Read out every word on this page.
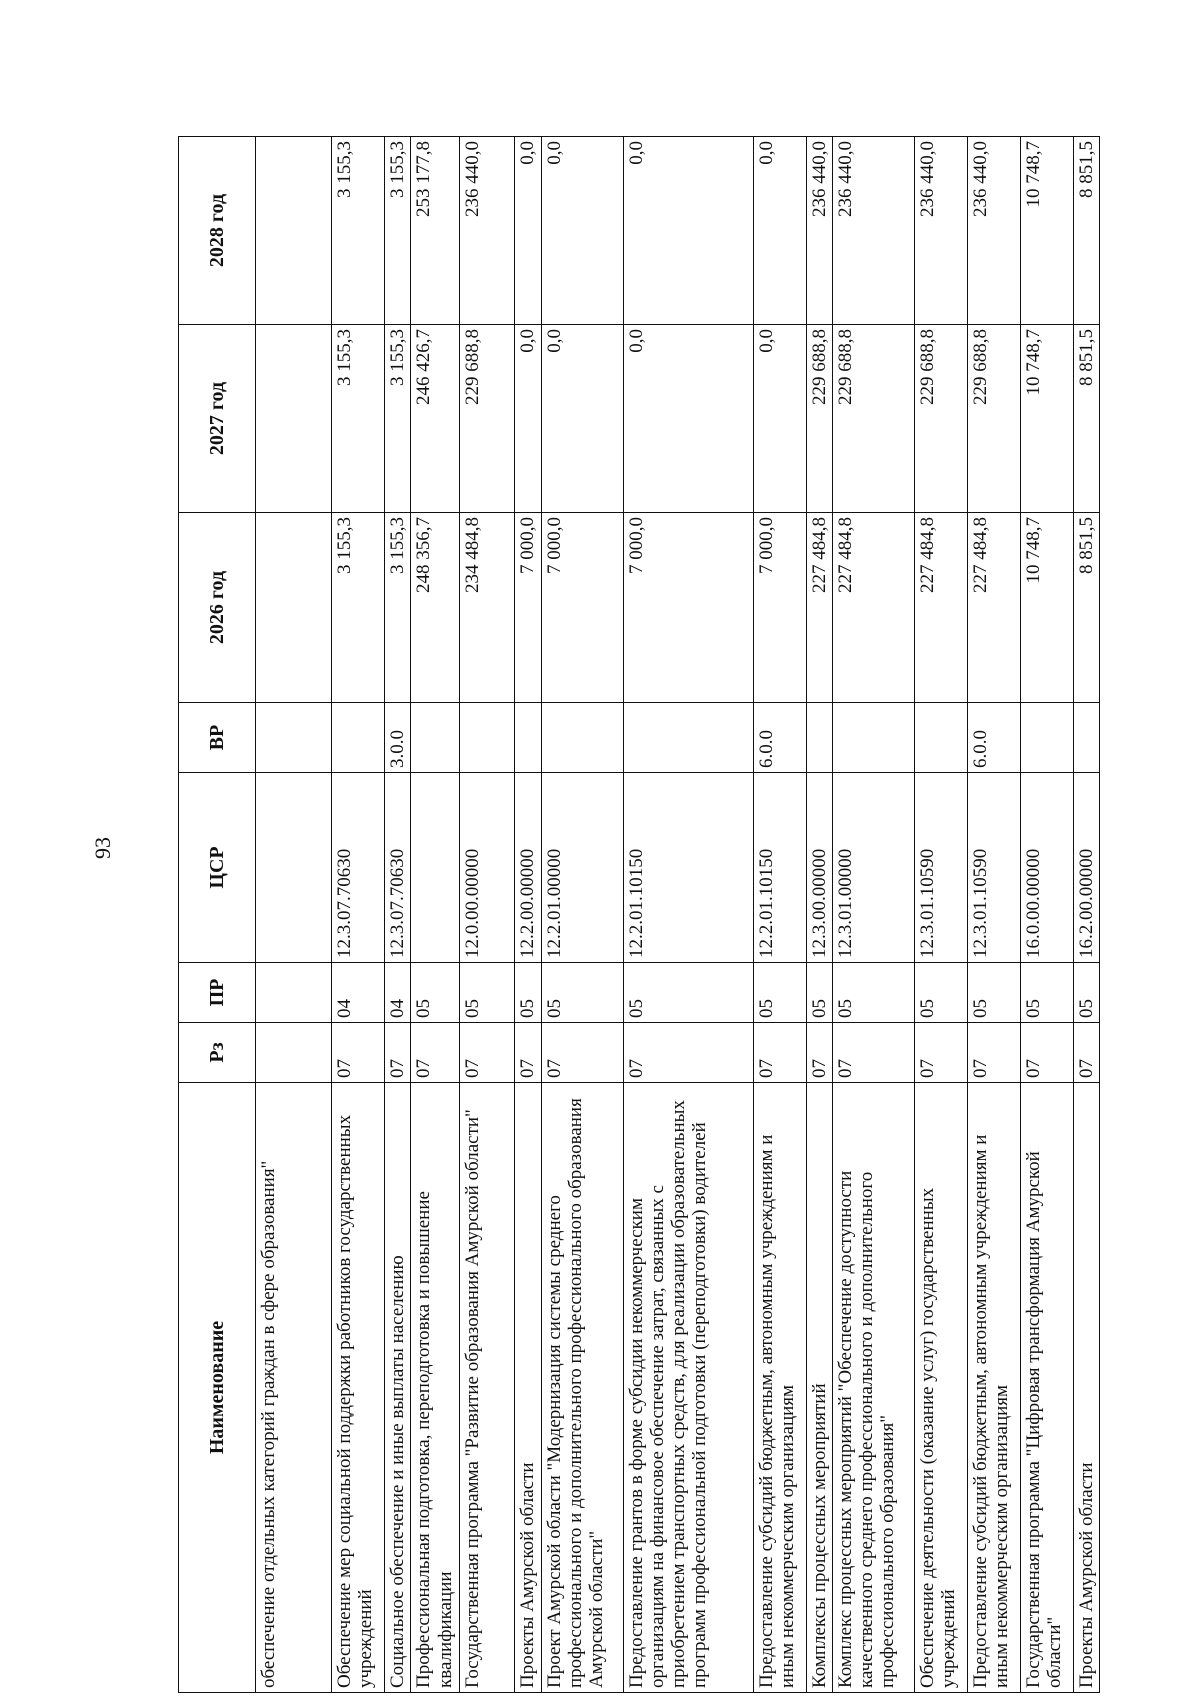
93
Наименование	Рз	ПР	ЦСР	ВР	2026 год	2027 год	2028 год
обеспечение отдельных категорий граждан в сфере образования"							
Обеспечение мер социальной поддержки работников государственных учреждений	07	04	12.3.07.70630		3 155,3	3 155,3	3 155,3
Социальное обеспечение и иные выплаты населению	07	04	12.3.07.70630	3.0.0	3 155,3	3 155,3	3 155,3
Профессиональная подготовка, переподготовка и повышение квалификации	07	05			248 356,7	246 426,7	253 177,8
Государственная программа "Развитие образования Амурской области"	07	05	12.0.00.00000		234 484,8	229 688,8	236 440,0
Проекты Амурской области	07	05	12.2.00.00000		7 000,0	0,0	0,0
Проект Амурской области "Модернизация системы среднего профессионального и дополнительного профессионального образования Амурской области"	07	05	12.2.01.00000		7 000,0	0,0	0,0
Предоставление грантов в форме субсидии некоммерческим организациям на финансовое обеспечение затрат, связанных с приобретением транспортных средств, для реализации образовательных программ профессиональной подготовки (переподготовки) водителей	07	05	12.2.01.10150		7 000,0	0,0	0,0
Предоставление субсидий бюджетным, автономным учреждениям и иным некоммерческим организациям	07	05	12.2.01.10150	6.0.0	7 000,0	0,0	0,0
Комплексы процессных мероприятий	07	05	12.3.00.00000		227 484,8	229 688,8	236 440,0
Комплекс процессных мероприятий "Обеспечение доступности качественного среднего профессионального и дополнительного профессионального образования"	07	05	12.3.01.00000		227 484,8	229 688,8	236 440,0
Обеспечение деятельности (оказание услуг) государственных учреждений	07	05	12.3.01.10590		227 484,8	229 688,8	236 440,0
Предоставление субсидий бюджетным, автономным учреждениям и иным некоммерческим организациям	07	05	12.3.01.10590	6.0.0	227 484,8	229 688,8	236 440,0
Государственная программа "Цифровая трансформация Амурской области"	07	05	16.0.00.00000		10 748,7	10 748,7	10 748,7
Проекты Амурской области	07	05	16.2.00.00000		8 851,5	8 851,5	8 851,5
